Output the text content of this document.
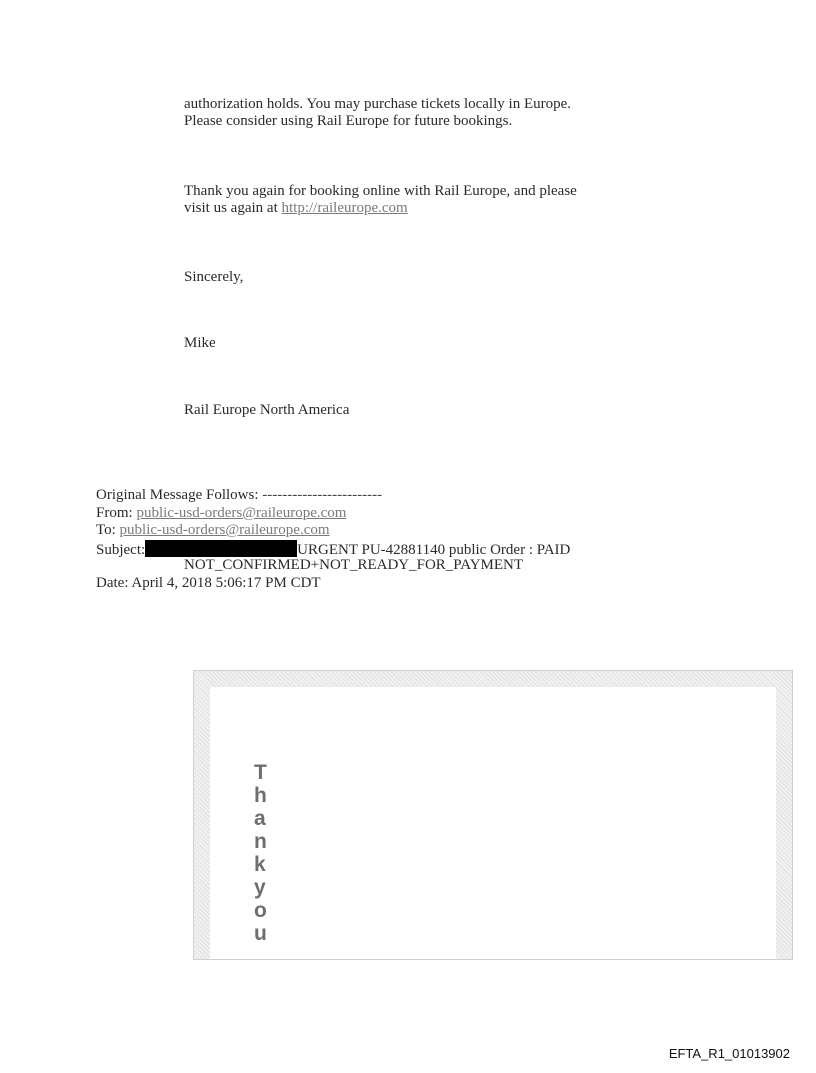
authorization holds. You may purchase tickets locally in Europe.
Please consider using Rail Europe for future bookings.
Thank you again for booking online with Rail Europe, and please
visit us again at http://raileurope.com
Sincerely,
Mike
Rail Europe North America
Original Message Follows: ------------------------
From: public-usd-orders@raileurope.com
To: public-usd-orders@raileurope.com
Subject:	URGENT PU-42881140 public Order : PAID
NOT_CONFIRMED+NOT_READY_FOR_PAYMENT
Date: April 4, 2018 5:06:17 PM CDT
T
h
a
n
k
y
o
u
EFTA_R1_01013902
